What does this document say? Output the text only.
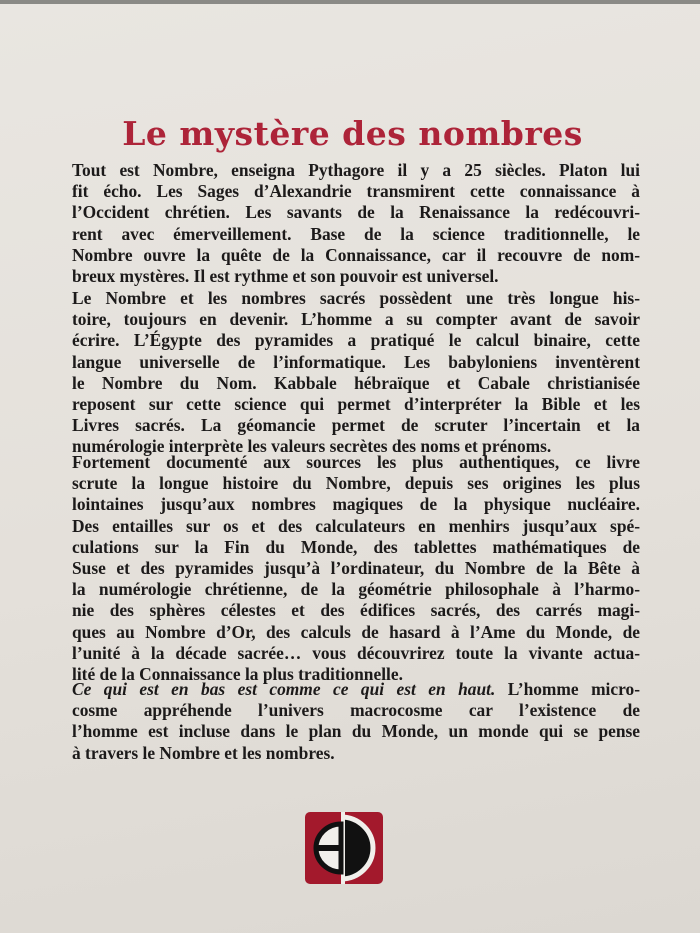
Le mystère des nombres
Tout est Nombre, enseigna Pythagore il y a 25 siècles. Platon lui
fit écho. Les Sages d’Alexandrie transmirent cette connaissance à
l’Occident chrétien. Les savants de la Renaissance la redécouvri-
rent avec émerveillement. Base de la science traditionnelle, le
Nombre ouvre la quête de la Connaissance, car il recouvre de nom-
breux mystères. Il est rythme et son pouvoir est universel.
Le Nombre et les nombres sacrés possèdent une très longue his-
toire, toujours en devenir. L’homme a su compter avant de savoir
écrire. L’Égypte des pyramides a pratiqué le calcul binaire, cette
langue universelle de l’informatique. Les babyloniens inventèrent
le Nombre du Nom. Kabbale hébraïque et Cabale christianisée
reposent sur cette science qui permet d’interpréter la Bible et les
Livres sacrés. La géomancie permet de scruter l’incertain et la
numérologie interprète les valeurs secrètes des noms et prénoms.
Fortement documenté aux sources les plus authentiques, ce livre
scrute la longue histoire du Nombre, depuis ses origines les plus
lointaines jusqu’aux nombres magiques de la physique nucléaire.
Des entailles sur os et des calculateurs en menhirs jusqu’aux spé-
culations sur la Fin du Monde, des tablettes mathématiques de
Suse et des pyramides jusqu’à l’ordinateur, du Nombre de la Bête à
la numérologie chrétienne, de la géométrie philosophale à l’harmo-
nie des sphères célestes et des édifices sacrés, des carrés magi-
ques au Nombre d’Or, des calculs de hasard à l’Ame du Monde, de
l’unité à la décade sacrée… vous découvrirez toute la vivante actua-
lité de la Connaissance la plus traditionnelle.
Ce qui est en bas est comme ce qui est en haut. L’homme micro-
cosme appréhende l’univers macrocosme car l’existence de
l’homme est incluse dans le plan du Monde, un monde qui se pense
à travers le Nombre et les nombres.
